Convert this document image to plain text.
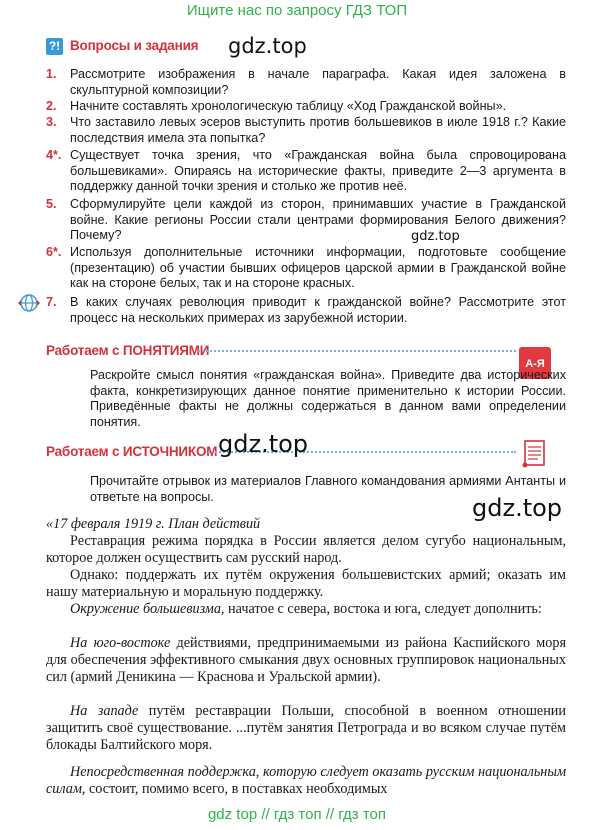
Ищите нас по запросу ГДЗ ТОП
?! Вопросы и задания gdz.top
1. Рассмотрите изображения в начале параграфа. Какая идея заложена в скульптурной композиции?
2. Начните составлять хронологическую таблицу «Ход Гражданской войны».
3. Что заставило левых эсеров выступить против большевиков в июле 1918 г.? Какие последствия имела эта попытка?
4*. Существует точка зрения, что «Гражданская война была спровоцирована большевиками». Опираясь на исторические факты, приведите 2—3 аргумента в поддержку данной точки зрения и столько же против неё.
5. Сформулируйте цели каждой из сторон, принимавших участие в Гражданской войне. Какие регионы России стали центрами формирования Белого движения? Почему?	gdz.top
6*. Используя дополнительные источники информации, подготовьте сообщение (презентацию) об участии бывших офицеров царской армии в Гражданской войне как на стороне белых, так и на стороне красных.
7. В каких случаях революция приводит к гражданской войне? Рассмотрите этот процесс на нескольких примерах из зарубежной истории.
Работаем с ПОНЯТИЯМИ
А-Я
Раскройте смысл понятия «гражданская война». Приведите два исторических факта, конкретизирующих данное понятие применительно к истории России. Приведённые факты не должны содержаться в данном вами определении понятия.
Работаем с ИСТОЧНИКОМ gdz.top
Прочитайте отрывок из материалов Главного командования армиями Антанты и ответьте на вопросы.	gdz.top
«17 февраля 1919 г. План действий
Реставрация режима порядка в России является делом сугубо национальным, которое должен осуществить сам русский народ.
Однако: поддержать их путём окружения большевистских армий; оказать им нашу материальную и моральную поддержку.
Окружение большевизма, начатое с севера, востока и юга, следует дополнить:
На юго-востоке действиями, предпринимаемыми из района Каспийского моря для обеспечения эффективного смыкания двух основных группировок национальных сил (армий Деникина — Краснова и Уральской армии).
На западе путём реставрации Польши, способной в военном отношении защитить своё существование. ...путём занятия Петрограда и во всяком случае путём блокады Балтийского моря.
Непосредственная поддержка, которую следует оказать русским национальным силам, состоит, помимо всего, в поставках необходимых
gdz top // гдз топ // гдз топ
